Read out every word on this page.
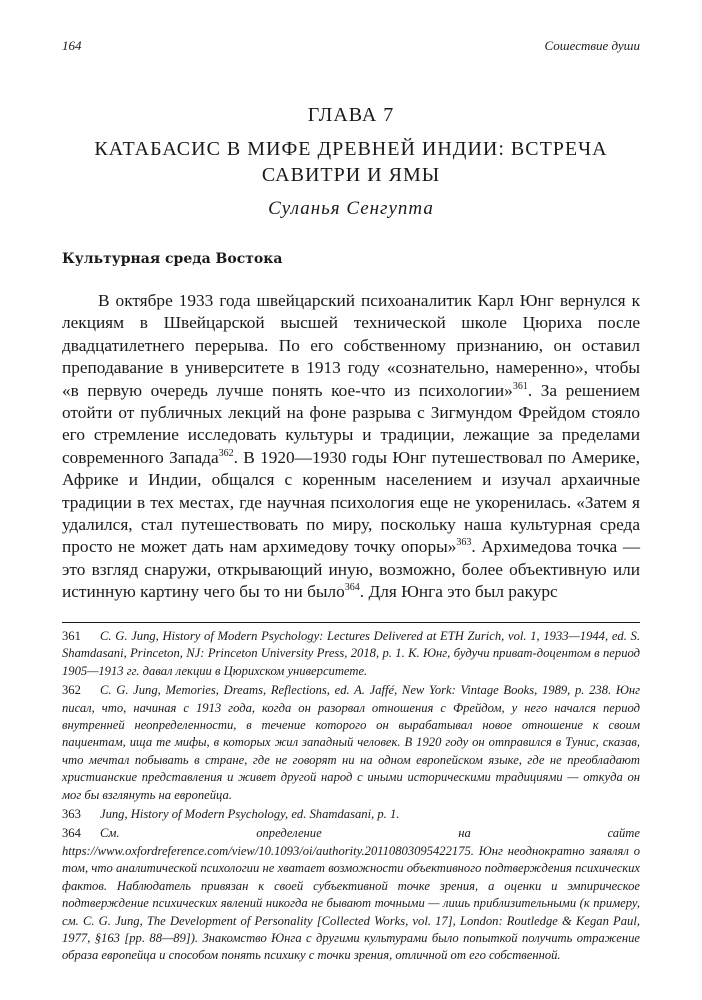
164	Сошествие души
ГЛАВА 7
КАТАБАСИС В МИФЕ ДРЕВНЕЙ ИНДИИ: ВСТРЕЧА САВИТРИ И ЯМЫ
Суланья Сенгупта
Культурная среда Востока

В октябре 1933 года швейцарский психоаналитик Карл Юнг вернулся к лекциям в Швейцарской высшей технической школе Цюриха после двадцатилетнего перерыва. По его собственному признанию, он оставил преподавание в университете в 1913 году «сознательно, намеренно», чтобы «в первую очередь лучше понять кое-что из психологии»$^{361}$. За решением отойти от публичных лекций на фоне разрыва с Зигмундом Фрейдом стояло его стремление исследовать культуры и традиции, лежащие за пределами современного Запада$^{362}$. В 1920—1930 годы Юнг путешествовал по Америке, Африке и Индии, общался с коренным населением и изучал архаичные традиции в тех местах, где научная психология еще не укоренилась. «Затем я удалился, стал путешествовать по миру, поскольку наша культурная среда просто не может дать нам архимедову точку опоры»$^{363}$. Архимедова точка — это взгляд снаружи, открывающий иную, возможно, более объективную или истинную картину чего бы то ни было$^{364}$. Для Юнга это был ракурс

361 C. G. Jung, History of Modern Psychology: Lectures Delivered at ETH Zurich, vol. 1, 1933—1944, ed. S. Shamdasani, Princeton, NJ: Princeton University Press, 2018, p. 1. К. Юнг, будучи приват-доцентом в период 1905—1913 гг. давал лекции в Цюрихском университете.

362 C. G. Jung, Memories, Dreams, Reflections, ed. A. Jaffé, New York: Vintage Books, 1989, p. 238. Юнг писал, что, начиная с 1913 года, когда он разорвал отношения с Фрейдом, у него начался период внутренней неопределенности, в течение которого он вырабатывал новое отношение к своим пациентам, ища те мифы, в которых жил западный человек. В 1920 году он отправился в Тунис, сказав, что мечтал побывать в стране, где не говорят ни на одном европейском языке, где не преобладают христианские представления и живет другой народ с иными историческими традициями — откуда он мог бы взглянуть на европейца.

363 Jung, History of Modern Psychology, ed. Shamdasani, p. 1.

364 См. определение на сайте https://www.oxfordreference.com/view/10.1093/oi/authority.20110803095422175. Юнг неоднократно заявлял о том, что аналитической психологии не хватает возможности объективного подтверждения психических фактов. Наблюдатель привязан к своей субъективной точке зрения, а оценки и эмпирическое подтверждение психических явлений никогда не бывают точными — лишь приблизительными (к примеру, см. C. G. Jung, The Development of Personality [Collected Works, vol. 17], London: Routledge & Kegan Paul, 1977, §163 [pp. 88—89]). Знакомство Юнга с другими культурами было попыткой получить отражение образа европейца и способом понять психику с точки зрения, отличной от его собственной.
